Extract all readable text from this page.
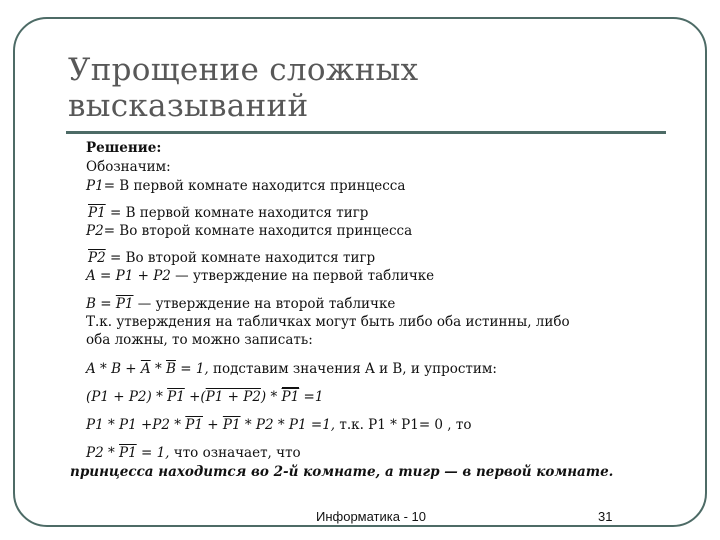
Упрощение сложных
высказываний
Решение:
Обозначим:
P1= В первой комнате находится принцесса
P1 = В первой комнате находится тигр
P2= Во второй комнате находится принцесса
P2 = Во второй комнате находится тигр
A = P1 + P2 — утверждение на первой табличке
B = P1 — утверждение на второй табличке
Т.к. утверждения на табличках могут быть либо оба истинны, либо
оба ложны, то можно записать:
$A * B + \overline{A} * \overline{B} = 1$, подставим значения A и B, и упростим:
(P1 + P2) * P1 +(P1 + P2) * P1 =1
P1 * P1 +P2 * P1 + P1 * P2 * P1 =1, т.к. P1 * P1= 0 , то
P2 * P1 = 1, что означает, что
принцесса находится во 2-й комнате, а тигр — в первой комнате.
Информатика - 10	31
